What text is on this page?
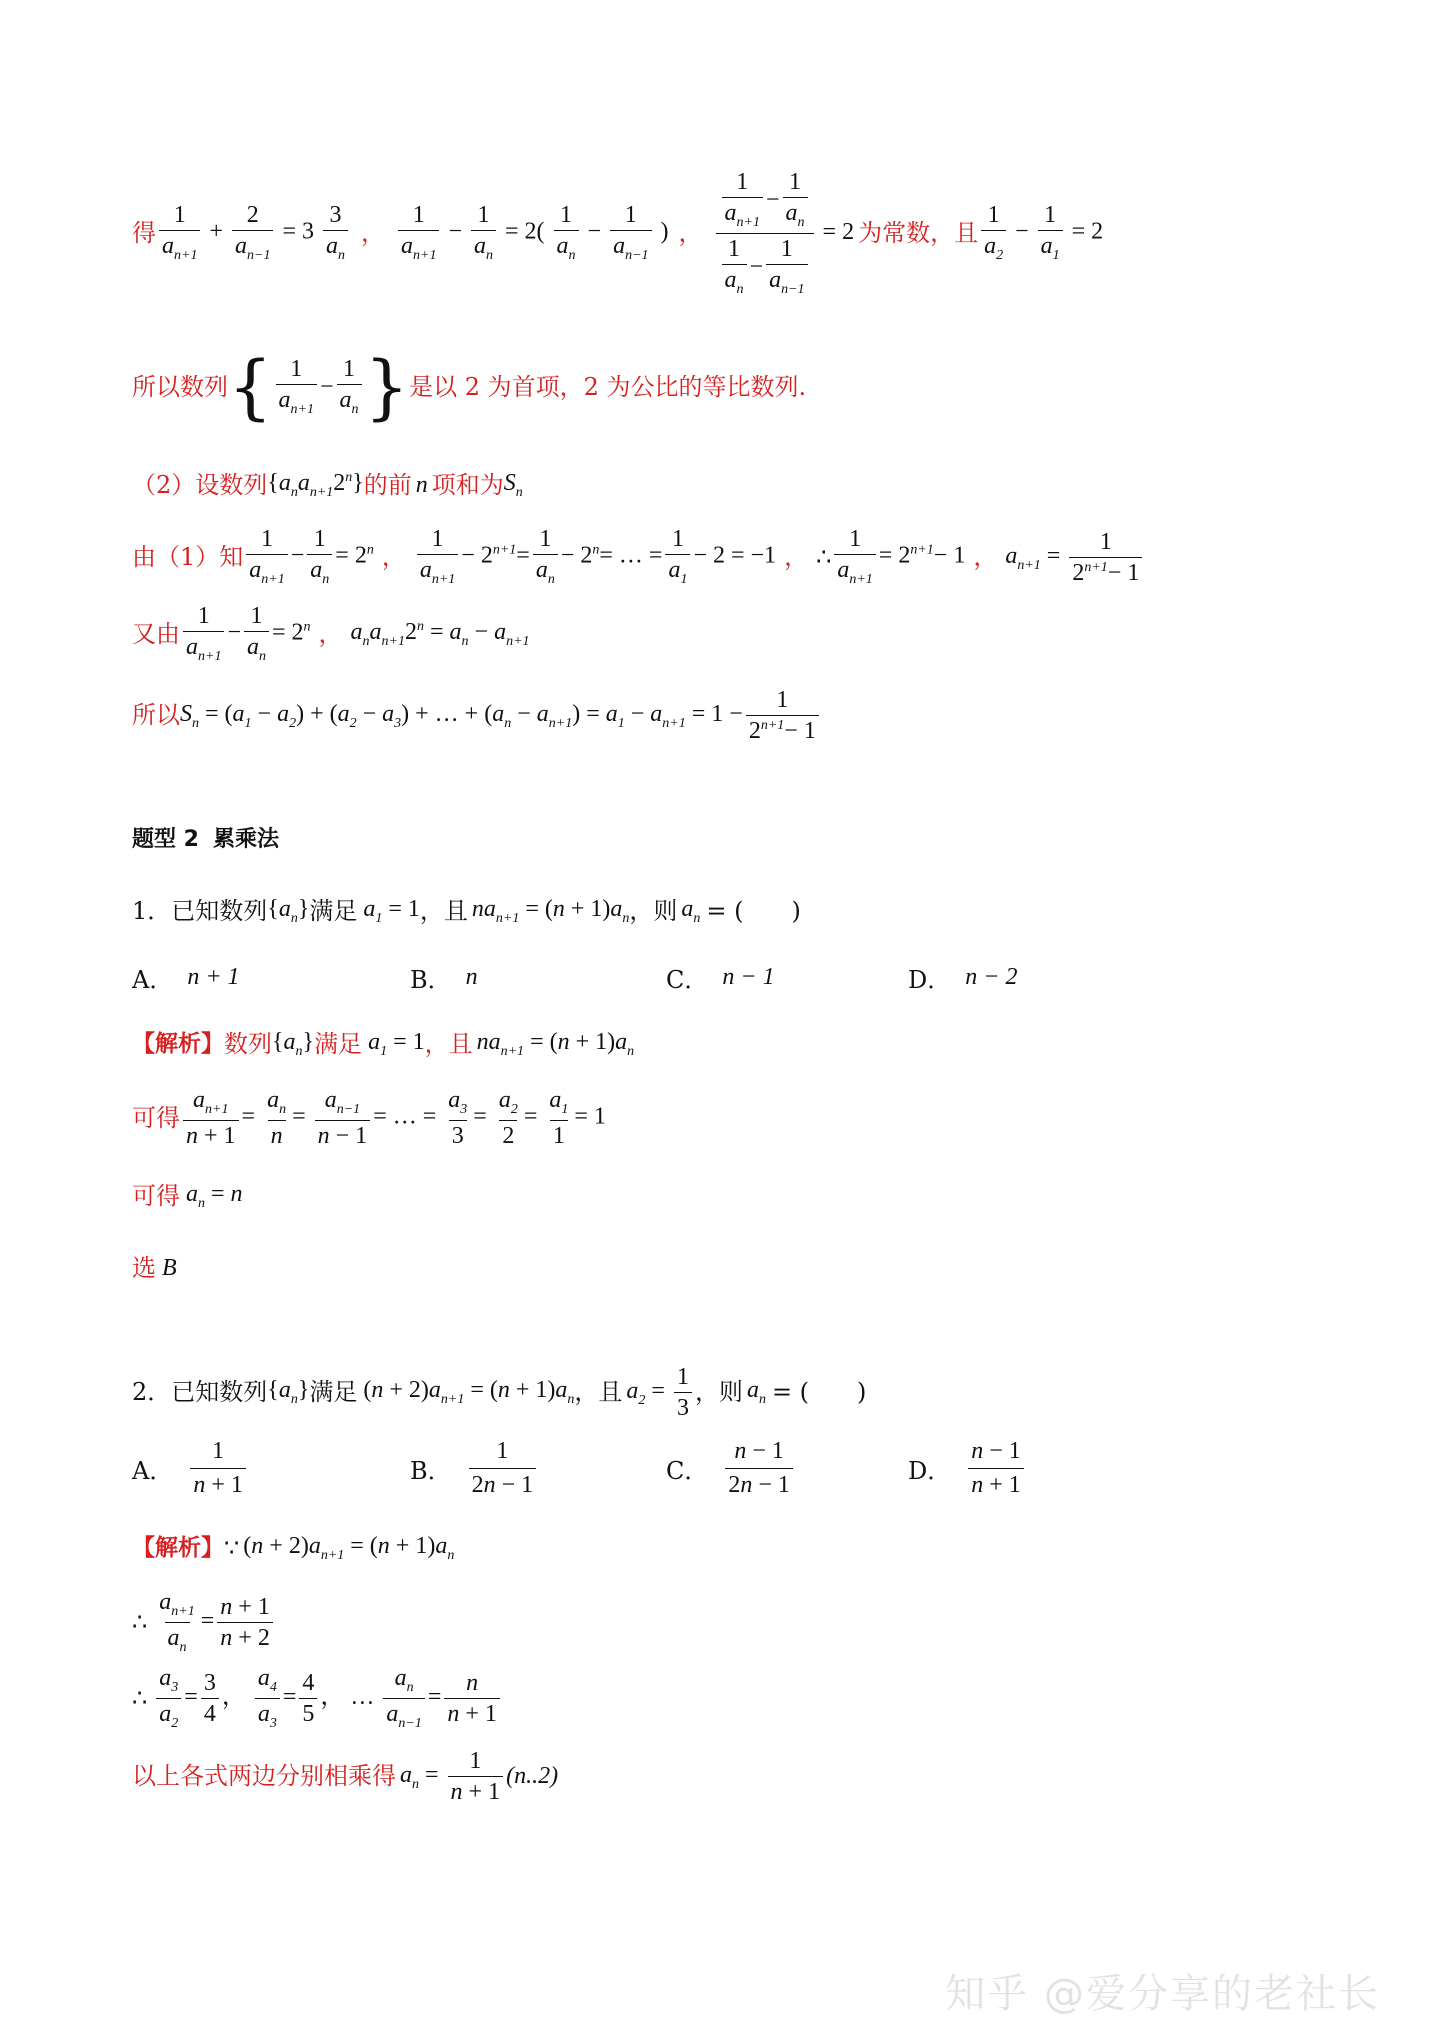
得 $\frac{1}{a_{n+1}} + \frac{2}{a_{n-1}} = 3 \frac{3}{a_n}$ ， $\frac{1}{a_{n+1}} - \frac{1}{a_n} = 2( \frac{1}{a_n} - \frac{1}{a_{n-1}}$ ) ， $\frac{\frac{1}{a_{n+1}} - \frac{1}{a_n}}{\frac{1}{a_n} - \frac{1}{a_{n-1}}} = 2$ 为常数，且 $\frac{1}{a_2} - \frac{1}{a_1} = 2$
所以数列 { $\frac{1}{a_{n+1}} - \frac{1}{a_n}$ } 是以 2 为首项，2 为公比的等比数列.
（2）设数列 $\{a_na_{n+1}2^n\}$ 的前 n 项和为 $S_n$
由（1）知 $\frac{1}{a_{n+1}} - \frac{1}{a_n} = 2^n$ ， $\frac{1}{a_{n+1}} - 2^{n+1}= \frac{1}{a_n} - 2^n=$ … = $\frac{1}{a_1} - 2 = -1$ ， ∴ $\frac{1}{a_{n+1}} = 2^{n+1}- 1$ ， $a_{n+1} = \frac{1}{2^{n+1}- 1}$
又由 $\frac{1}{a_{n+1}} - \frac{1}{a_n} = 2^n$ ， $a_na_{n+1}2^n = a_n - a_{n+1}$
所以 $S_n = (a_1 - a_2) + (a_2 - a_3)$ + … + $(a_n - a_{n+1}) = a_1 - a_{n+1} = 1 - \frac{1}{2^{n+1}- 1}$
题型 2 累乘法
1． 已知数列 $\{a_n\}$ 满足 $a_1 = 1$ ，且 $na_{n+1} = (n + 1)a_n$ ，则 $a_n$ = (　　)
A． n + 1	B． n	C． n − 1	D． n − 2
【解析】 数列 $\{a_n\}$ 满足 $a_1 = 1$ ，且 $na_{n+1} = (n + 1)a_n$
可得 $\frac{a_{n+1}}{n + 1} = \frac{a_n}{n} = \frac{a_{n-1}}{n - 1}$ = … = $\frac{a_3}{3} = \frac{a_2}{2} = \frac{a_1}{1} = 1$
可得 $a_n = n$
选 B
2． 已知数列 $\{a_n\}$ 满足 $(n + 2)a_{n+1} = (n + 1)a_n$ ，且 $a_2 = \frac{1}{3}$ ，则 $a_n$ = (　　)
A． $\frac{1}{n + 1}$	B． $\frac{1}{2n - 1}$	C． $\frac{n - 1}{2n - 1}$	D． $\frac{n - 1}{n + 1}$
【解析】 ∵ $(n + 2)a_{n+1} = (n + 1)a_n$
∴ $\frac{a_{n+1}}{a_n} = \frac{n + 1}{n + 2}$
∴ $\frac{a_3}{a_2} = \frac{3}{4}$ ， $\frac{a_4}{a_3} = \frac{4}{5}$ ， … $\frac{a_n}{a_{n-1}} = \frac{n}{n + 1}$
以上各式两边分别相乘得 $a_n = \frac{1}{n + 1} (n..2)$
知乎 @爱分享的老社长
